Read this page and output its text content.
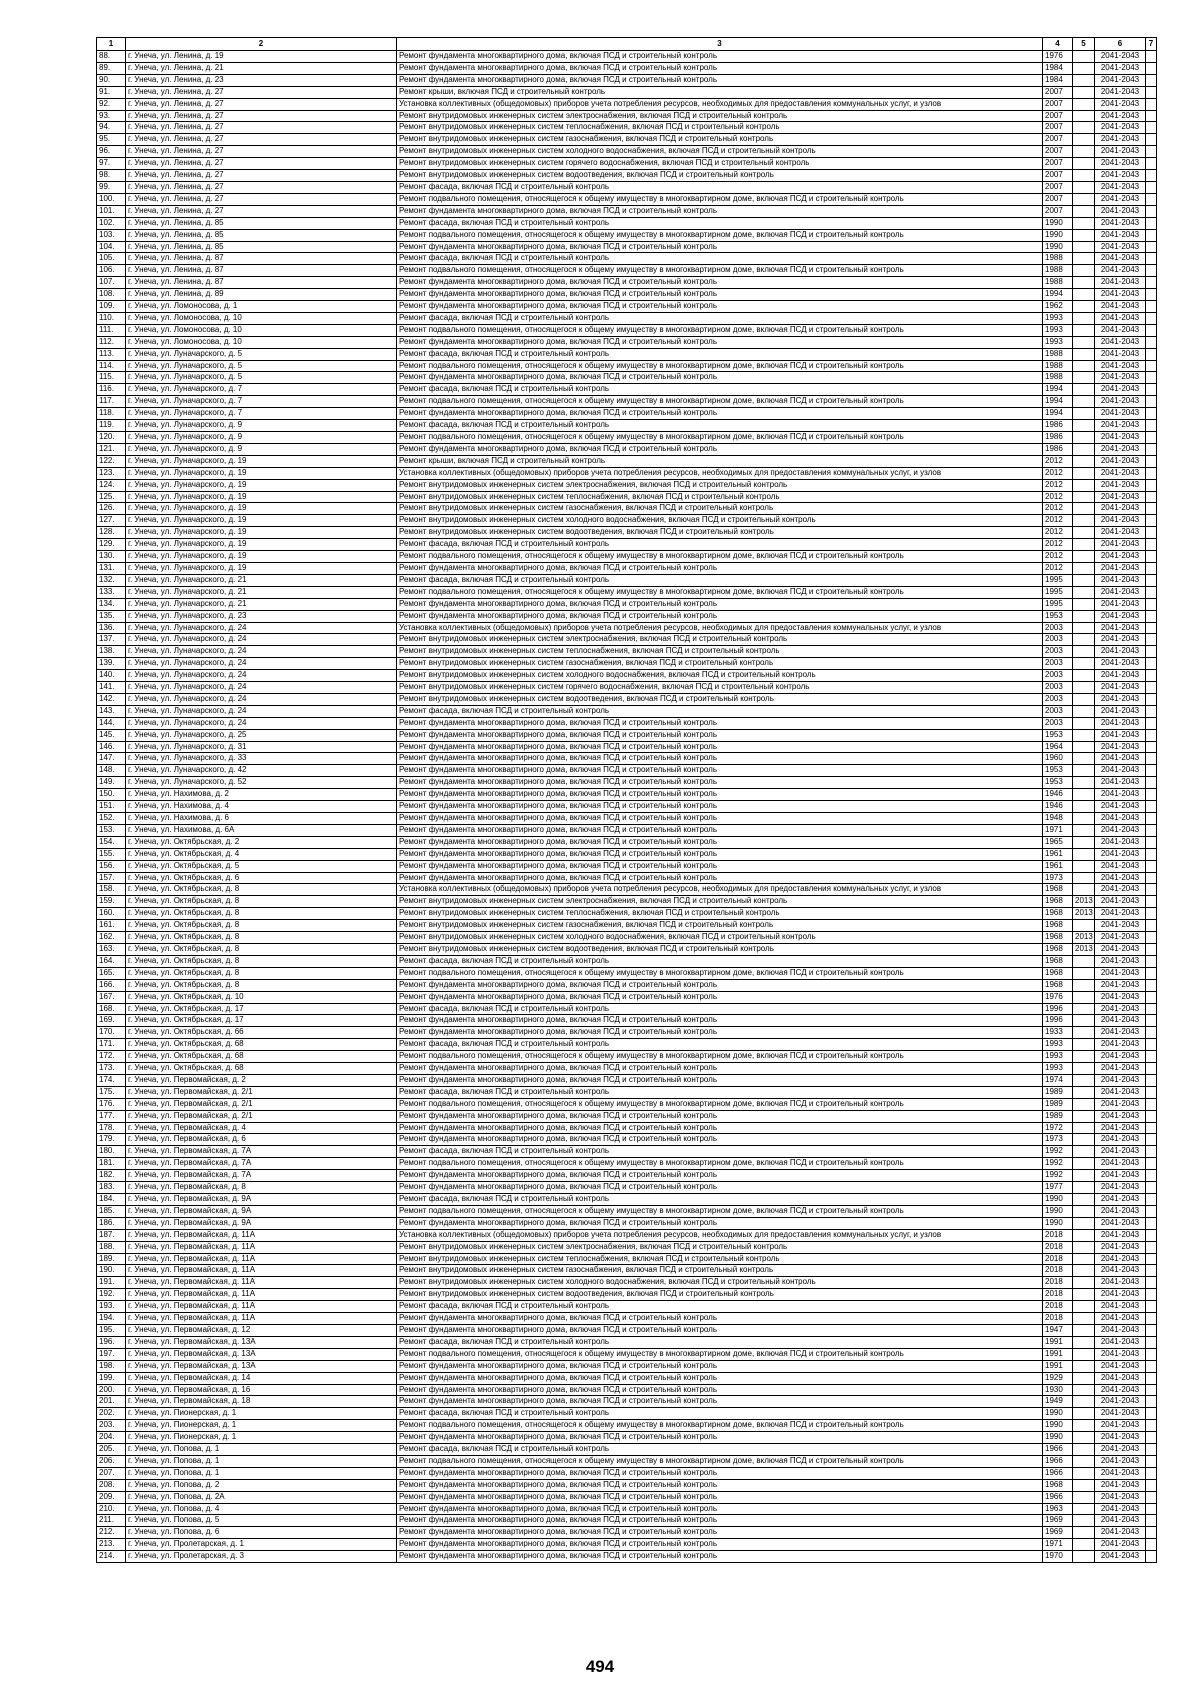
1	2	3	4	5	6	7
88.	г. Унеча, ул. Ленина, д. 19	Ремонт фундамента многоквартирного дома, включая ПСД и строительный контроль	1976		2041-2043	
89.	г. Унеча, ул. Ленина, д. 21	Ремонт фундамента многоквартирного дома, включая ПСД и строительный контроль	1984		2041-2043	
90.	г. Унеча, ул. Ленина, д. 23	Ремонт фундамента многоквартирного дома, включая ПСД и строительный контроль	1984		2041-2043	
91.	г. Унеча, ул. Ленина, д. 27	Ремонт крыши, включая ПСД и строительный контроль	2007		2041-2043	
92.	г. Унеча, ул. Ленина, д. 27	Установка коллективных (общедомовых) приборов учета потребления ресурсов, необходимых для предоставления коммунальных услуг, и узлов	2007		2041-2043	
93.	г. Унеча, ул. Ленина, д. 27	Ремонт внутридомовых инженерных систем электроснабжения, включая ПСД и строительный контроль	2007		2041-2043	
94.	г. Унеча, ул. Ленина, д. 27	Ремонт внутридомовых инженерных систем теплоснабжения, включая ПСД и строительный контроль	2007		2041-2043	
95.	г. Унеча, ул. Ленина, д. 27	Ремонт внутридомовых инженерных систем газоснабжения, включая ПСД и строительный контроль	2007		2041-2043	
96.	г. Унеча, ул. Ленина, д. 27	Ремонт внутридомовых инженерных систем холодного водоснабжения, включая ПСД и строительный контроль	2007		2041-2043	
97.	г. Унеча, ул. Ленина, д. 27	Ремонт внутридомовых инженерных систем горячего водоснабжения, включая ПСД и строительный контроль	2007		2041-2043	
98.	г. Унеча, ул. Ленина, д. 27	Ремонт внутридомовых инженерных систем водоотведения, включая ПСД и строительный контроль	2007		2041-2043	
99.	г. Унеча, ул. Ленина, д. 27	Ремонт фасада, включая ПСД и строительный контроль	2007		2041-2043	
100.	г. Унеча, ул. Ленина, д. 27	Ремонт подвального помещения, относящегося к общему имуществу в многоквартирном доме, включая ПСД и строительный контроль	2007		2041-2043	
101.	г. Унеча, ул. Ленина, д. 27	Ремонт фундамента многоквартирного дома, включая ПСД и строительный контроль	2007		2041-2043	
102.	г. Унеча, ул. Ленина, д. 85	Ремонт фасада, включая ПСД и строительный контроль	1990		2041-2043	
103.	г. Унеча, ул. Ленина, д. 85	Ремонт подвального помещения, относящегося к общему имуществу в многоквартирном доме, включая ПСД и строительный контроль	1990		2041-2043	
104.	г. Унеча, ул. Ленина, д. 85	Ремонт фундамента многоквартирного дома, включая ПСД и строительный контроль	1990		2041-2043	
105.	г. Унеча, ул. Ленина, д. 87	Ремонт фасада, включая ПСД и строительный контроль	1988		2041-2043	
106.	г. Унеча, ул. Ленина, д. 87	Ремонт подвального помещения, относящегося к общему имуществу в многоквартирном доме, включая ПСД и строительный контроль	1988		2041-2043	
107.	г. Унеча, ул. Ленина, д. 87	Ремонт фундамента многоквартирного дома, включая ПСД и строительный контроль	1988		2041-2043	
108.	г. Унеча, ул. Ленина, д. 89	Ремонт фундамента многоквартирного дома, включая ПСД и строительный контроль	1994		2041-2043	
109.	г. Унеча, ул. Ломоносова, д. 1	Ремонт фундамента многоквартирного дома, включая ПСД и строительный контроль	1962		2041-2043	
110.	г. Унеча, ул. Ломоносова, д. 10	Ремонт фасада, включая ПСД и строительный контроль	1993		2041-2043	
111.	г. Унеча, ул. Ломоносова, д. 10	Ремонт подвального помещения, относящегося к общему имуществу в многоквартирном доме, включая ПСД и строительный контроль	1993		2041-2043	
112.	г. Унеча, ул. Ломоносова, д. 10	Ремонт фундамента многоквартирного дома, включая ПСД и строительный контроль	1993		2041-2043	
113.	г. Унеча, ул. Луначарского, д. 5	Ремонт фасада, включая ПСД и строительный контроль	1988		2041-2043	
114.	г. Унеча, ул. Луначарского, д. 5	Ремонт подвального помещения, относящегося к общему имуществу в многоквартирном доме, включая ПСД и строительный контроль	1988		2041-2043	
115.	г. Унеча, ул. Луначарского, д. 5	Ремонт фундамента многоквартирного дома, включая ПСД и строительный контроль	1988		2041-2043	
116.	г. Унеча, ул. Луначарского, д. 7	Ремонт фасада, включая ПСД и строительный контроль	1994		2041-2043	
117.	г. Унеча, ул. Луначарского, д. 7	Ремонт подвального помещения, относящегося к общему имуществу в многоквартирном доме, включая ПСД и строительный контроль	1994		2041-2043	
118.	г. Унеча, ул. Луначарского, д. 7	Ремонт фундамента многоквартирного дома, включая ПСД и строительный контроль	1994		2041-2043	
119.	г. Унеча, ул. Луначарского, д. 9	Ремонт фасада, включая ПСД и строительный контроль	1986		2041-2043	
120.	г. Унеча, ул. Луначарского, д. 9	Ремонт подвального помещения, относящегося к общему имуществу в многоквартирном доме, включая ПСД и строительный контроль	1986		2041-2043	
121.	г. Унеча, ул. Луначарского, д. 9	Ремонт фундамента многоквартирного дома, включая ПСД и строительный контроль	1986		2041-2043	
122.	г. Унеча, ул. Луначарского, д. 19	Ремонт крыши, включая ПСД и строительный контроль	2012		2041-2043	
123.	г. Унеча, ул. Луначарского, д. 19	Установка коллективных (общедомовых) приборов учета потребления ресурсов, необходимых для предоставления коммунальных услуг, и узлов	2012		2041-2043	
124.	г. Унеча, ул. Луначарского, д. 19	Ремонт внутридомовых инженерных систем электроснабжения, включая ПСД и строительный контроль	2012		2041-2043	
125.	г. Унеча, ул. Луначарского, д. 19	Ремонт внутридомовых инженерных систем теплоснабжения, включая ПСД и строительный контроль	2012		2041-2043	
126.	г. Унеча, ул. Луначарского, д. 19	Ремонт внутридомовых инженерных систем газоснабжения, включая ПСД и строительный контроль	2012		2041-2043	
127.	г. Унеча, ул. Луначарского, д. 19	Ремонт внутридомовых инженерных систем холодного водоснабжения, включая ПСД и строительный контроль	2012		2041-2043	
128.	г. Унеча, ул. Луначарского, д. 19	Ремонт внутридомовых инженерных систем водоотведения, включая ПСД и строительный контроль	2012		2041-2043	
129.	г. Унеча, ул. Луначарского, д. 19	Ремонт фасада, включая ПСД и строительный контроль	2012		2041-2043	
130.	г. Унеча, ул. Луначарского, д. 19	Ремонт подвального помещения, относящегося к общему имуществу в многоквартирном доме, включая ПСД и строительный контроль	2012		2041-2043	
131.	г. Унеча, ул. Луначарского, д. 19	Ремонт фундамента многоквартирного дома, включая ПСД и строительный контроль	2012		2041-2043	
132.	г. Унеча, ул. Луначарского, д. 21	Ремонт фасада, включая ПСД и строительный контроль	1995		2041-2043	
133.	г. Унеча, ул. Луначарского, д. 21	Ремонт подвального помещения, относящегося к общему имуществу в многоквартирном доме, включая ПСД и строительный контроль	1995		2041-2043	
134.	г. Унеча, ул. Луначарского, д. 21	Ремонт фундамента многоквартирного дома, включая ПСД и строительный контроль	1995		2041-2043	
135.	г. Унеча, ул. Луначарского, д. 23	Ремонт фундамента многоквартирного дома, включая ПСД и строительный контроль	1953		2041-2043	
136.	г. Унеча, ул. Луначарского, д. 24	Установка коллективных (общедомовых) приборов учета потребления ресурсов, необходимых для предоставления коммунальных услуг, и узлов	2003		2041-2043	
137.	г. Унеча, ул. Луначарского, д. 24	Ремонт внутридомовых инженерных систем электроснабжения, включая ПСД и строительный контроль	2003		2041-2043	
138.	г. Унеча, ул. Луначарского, д. 24	Ремонт внутридомовых инженерных систем теплоснабжения, включая ПСД и строительный контроль	2003		2041-2043	
139.	г. Унеча, ул. Луначарского, д. 24	Ремонт внутридомовых инженерных систем газоснабжения, включая ПСД и строительный контроль	2003		2041-2043	
140.	г. Унеча, ул. Луначарского, д. 24	Ремонт внутридомовых инженерных систем холодного водоснабжения, включая ПСД и строительный контроль	2003		2041-2043	
141.	г. Унеча, ул. Луначарского, д. 24	Ремонт внутридомовых инженерных систем горячего водоснабжения, включая ПСД и строительный контроль	2003		2041-2043	
142.	г. Унеча, ул. Луначарского, д. 24	Ремонт внутридомовых инженерных систем водоотведения, включая ПСД и строительный контроль	2003		2041-2043	
143.	г. Унеча, ул. Луначарского, д. 24	Ремонт фасада, включая ПСД и строительный контроль	2003		2041-2043	
144.	г. Унеча, ул. Луначарского, д. 24	Ремонт фундамента многоквартирного дома, включая ПСД и строительный контроль	2003		2041-2043	
145.	г. Унеча, ул. Луначарского, д. 25	Ремонт фундамента многоквартирного дома, включая ПСД и строительный контроль	1953		2041-2043	
146.	г. Унеча, ул. Луначарского, д. 31	Ремонт фундамента многоквартирного дома, включая ПСД и строительный контроль	1964		2041-2043	
147.	г. Унеча, ул. Луначарского, д. 33	Ремонт фундамента многоквартирного дома, включая ПСД и строительный контроль	1960		2041-2043	
148.	г. Унеча, ул. Луначарского, д. 42	Ремонт фундамента многоквартирного дома, включая ПСД и строительный контроль	1953		2041-2043	
149.	г. Унеча, ул. Луначарского, д. 52	Ремонт фундамента многоквартирного дома, включая ПСД и строительный контроль	1953		2041-2043	
150.	г. Унеча, ул. Нахимова, д. 2	Ремонт фундамента многоквартирного дома, включая ПСД и строительный контроль	1946		2041-2043	
151.	г. Унеча, ул. Нахимова, д. 4	Ремонт фундамента многоквартирного дома, включая ПСД и строительный контроль	1946		2041-2043	
152.	г. Унеча, ул. Нахимова, д. 6	Ремонт фундамента многоквартирного дома, включая ПСД и строительный контроль	1948		2041-2043	
153.	г. Унеча, ул. Нахимова, д. 6А	Ремонт фундамента многоквартирного дома, включая ПСД и строительный контроль	1971		2041-2043	
154.	г. Унеча, ул. Октябрьская, д. 2	Ремонт фундамента многоквартирного дома, включая ПСД и строительный контроль	1965		2041-2043	
155.	г. Унеча, ул. Октябрьская, д. 4	Ремонт фундамента многоквартирного дома, включая ПСД и строительный контроль	1961		2041-2043	
156.	г. Унеча, ул. Октябрьская, д. 5	Ремонт фундамента многоквартирного дома, включая ПСД и строительный контроль	1961		2041-2043	
157.	г. Унеча, ул. Октябрьская, д. 6	Ремонт фундамента многоквартирного дома, включая ПСД и строительный контроль	1973		2041-2043	
158.	г. Унеча, ул. Октябрьская, д. 8	Установка коллективных (общедомовых) приборов учета потребления ресурсов, необходимых для предоставления коммунальных услуг, и узлов	1968		2041-2043	
159.	г. Унеча, ул. Октябрьская, д. 8	Ремонт внутридомовых инженерных систем электроснабжения, включая ПСД и строительный контроль	1968	2013	2041-2043	
160.	г. Унеча, ул. Октябрьская, д. 8	Ремонт внутридомовых инженерных систем теплоснабжения, включая ПСД и строительный контроль	1968	2013	2041-2043	
161.	г. Унеча, ул. Октябрьская, д. 8	Ремонт внутридомовых инженерных систем газоснабжения, включая ПСД и строительный контроль	1968		2041-2043	
162.	г. Унеча, ул. Октябрьская, д. 8	Ремонт внутридомовых инженерных систем холодного водоснабжения, включая ПСД и строительный контроль	1968	2013	2041-2043	
163.	г. Унеча, ул. Октябрьская, д. 8	Ремонт внутридомовых инженерных систем водоотведения, включая ПСД и строительный контроль	1968	2013	2041-2043	
164.	г. Унеча, ул. Октябрьская, д. 8	Ремонт фасада, включая ПСД и строительный контроль	1968		2041-2043	
165.	г. Унеча, ул. Октябрьская, д. 8	Ремонт подвального помещения, относящегося к общему имуществу в многоквартирном доме, включая ПСД и строительный контроль	1968		2041-2043	
166.	г. Унеча, ул. Октябрьская, д. 8	Ремонт фундамента многоквартирного дома, включая ПСД и строительный контроль	1968		2041-2043	
167.	г. Унеча, ул. Октябрьская, д. 10	Ремонт фундамента многоквартирного дома, включая ПСД и строительный контроль	1976		2041-2043	
168.	г. Унеча, ул. Октябрьская, д. 17	Ремонт фасада, включая ПСД и строительный контроль	1996		2041-2043	
169.	г. Унеча, ул. Октябрьская, д. 17	Ремонт фундамента многоквартирного дома, включая ПСД и строительный контроль	1996		2041-2043	
170.	г. Унеча, ул. Октябрьская, д. 66	Ремонт фундамента многоквартирного дома, включая ПСД и строительный контроль	1933		2041-2043	
171.	г. Унеча, ул. Октябрьская, д. 68	Ремонт фасада, включая ПСД и строительный контроль	1993		2041-2043	
172.	г. Унеча, ул. Октябрьская, д. 68	Ремонт подвального помещения, относящегося к общему имуществу в многоквартирном доме, включая ПСД и строительный контроль	1993		2041-2043	
173.	г. Унеча, ул. Октябрьская, д. 68	Ремонт фундамента многоквартирного дома, включая ПСД и строительный контроль	1993		2041-2043	
174.	г. Унеча, ул. Первомайская, д. 2	Ремонт фундамента многоквартирного дома, включая ПСД и строительный контроль	1974		2041-2043	
175.	г. Унеча, ул. Первомайская, д. 2/1	Ремонт фасада, включая ПСД и строительный контроль	1989		2041-2043	
176.	г. Унеча, ул. Первомайская, д. 2/1	Ремонт подвального помещения, относящегося к общему имуществу в многоквартирном доме, включая ПСД и строительный контроль	1989		2041-2043	
177.	г. Унеча, ул. Первомайская, д. 2/1	Ремонт фундамента многоквартирного дома, включая ПСД и строительный контроль	1989		2041-2043	
178.	г. Унеча, ул. Первомайская, д. 4	Ремонт фундамента многоквартирного дома, включая ПСД и строительный контроль	1972		2041-2043	
179.	г. Унеча, ул. Первомайская, д. 6	Ремонт фундамента многоквартирного дома, включая ПСД и строительный контроль	1973		2041-2043	
180.	г. Унеча, ул. Первомайская, д. 7А	Ремонт фасада, включая ПСД и строительный контроль	1992		2041-2043	
181.	г. Унеча, ул. Первомайская, д. 7А	Ремонт подвального помещения, относящегося к общему имуществу в многоквартирном доме, включая ПСД и строительный контроль	1992		2041-2043	
182.	г. Унеча, ул. Первомайская, д. 7А	Ремонт фундамента многоквартирного дома, включая ПСД и строительный контроль	1992		2041-2043	
183.	г. Унеча, ул. Первомайская, д. 8	Ремонт фундамента многоквартирного дома, включая ПСД и строительный контроль	1977		2041-2043	
184.	г. Унеча, ул. Первомайская, д. 9А	Ремонт фасада, включая ПСД и строительный контроль	1990		2041-2043	
185.	г. Унеча, ул. Первомайская, д. 9А	Ремонт подвального помещения, относящегося к общему имуществу в многоквартирном доме, включая ПСД и строительный контроль	1990		2041-2043	
186.	г. Унеча, ул. Первомайская, д. 9А	Ремонт фундамента многоквартирного дома, включая ПСД и строительный контроль	1990		2041-2043	
187.	г. Унеча, ул. Первомайская, д. 11А	Установка коллективных (общедомовых) приборов учета потребления ресурсов, необходимых для предоставления коммунальных услуг, и узлов	2018		2041-2043	
188.	г. Унеча, ул. Первомайская, д. 11А	Ремонт внутридомовых инженерных систем электроснабжения, включая ПСД и строительный контроль	2018		2041-2043	
189.	г. Унеча, ул. Первомайская, д. 11А	Ремонт внутридомовых инженерных систем теплоснабжения, включая ПСД и строительный контроль	2018		2041-2043	
190.	г. Унеча, ул. Первомайская, д. 11А	Ремонт внутридомовых инженерных систем газоснабжения, включая ПСД и строительный контроль	2018		2041-2043	
191.	г. Унеча, ул. Первомайская, д. 11А	Ремонт внутридомовых инженерных систем холодного водоснабжения, включая ПСД и строительный контроль	2018		2041-2043	
192.	г. Унеча, ул. Первомайская, д. 11А	Ремонт внутридомовых инженерных систем водоотведения, включая ПСД и строительный контроль	2018		2041-2043	
193.	г. Унеча, ул. Первомайская, д. 11А	Ремонт фасада, включая ПСД и строительный контроль	2018		2041-2043	
194.	г. Унеча, ул. Первомайская, д. 11А	Ремонт фундамента многоквартирного дома, включая ПСД и строительный контроль	2018		2041-2043	
195.	г. Унеча, ул. Первомайская, д. 12	Ремонт фундамента многоквартирного дома, включая ПСД и строительный контроль	1947		2041-2043	
196.	г. Унеча, ул. Первомайская, д. 13А	Ремонт фасада, включая ПСД и строительный контроль	1991		2041-2043	
197.	г. Унеча, ул. Первомайская, д. 13А	Ремонт подвального помещения, относящегося к общему имуществу в многоквартирном доме, включая ПСД и строительный контроль	1991		2041-2043	
198.	г. Унеча, ул. Первомайская, д. 13А	Ремонт фундамента многоквартирного дома, включая ПСД и строительный контроль	1991		2041-2043	
199.	г. Унеча, ул. Первомайская, д. 14	Ремонт фундамента многоквартирного дома, включая ПСД и строительный контроль	1929		2041-2043	
200.	г. Унеча, ул. Первомайская, д. 16	Ремонт фундамента многоквартирного дома, включая ПСД и строительный контроль	1930		2041-2043	
201.	г. Унеча, ул. Первомайская, д. 18	Ремонт фундамента многоквартирного дома, включая ПСД и строительный контроль	1949		2041-2043	
202.	г. Унеча, ул. Пионерская, д. 1	Ремонт фасада, включая ПСД и строительный контроль	1990		2041-2043	
203.	г. Унеча, ул. Пионерская, д. 1	Ремонт подвального помещения, относящегося к общему имуществу в многоквартирном доме, включая ПСД и строительный контроль	1990		2041-2043	
204.	г. Унеча, ул. Пионерская, д. 1	Ремонт фундамента многоквартирного дома, включая ПСД и строительный контроль	1990		2041-2043	
205.	г. Унеча, ул. Попова, д. 1	Ремонт фасада, включая ПСД и строительный контроль	1966		2041-2043	
206.	г. Унеча, ул. Попова, д. 1	Ремонт подвального помещения, относящегося к общему имуществу в многоквартирном доме, включая ПСД и строительный контроль	1966		2041-2043	
207.	г. Унеча, ул. Попова, д. 1	Ремонт фундамента многоквартирного дома, включая ПСД и строительный контроль	1966		2041-2043	
208.	г. Унеча, ул. Попова, д. 2	Ремонт фундамента многоквартирного дома, включая ПСД и строительный контроль	1968		2041-2043	
209.	г. Унеча, ул. Попова, д. 2А	Ремонт фундамента многоквартирного дома, включая ПСД и строительный контроль	1966		2041-2043	
210.	г. Унеча, ул. Попова, д. 4	Ремонт фундамента многоквартирного дома, включая ПСД и строительный контроль	1963		2041-2043	
211.	г. Унеча, ул. Попова, д. 5	Ремонт фундамента многоквартирного дома, включая ПСД и строительный контроль	1969		2041-2043	
212.	г. Унеча, ул. Попова, д. 6	Ремонт фундамента многоквартирного дома, включая ПСД и строительный контроль	1969		2041-2043	
213.	г. Унеча, ул. Пролетарская, д. 1	Ремонт фундамента многоквартирного дома, включая ПСД и строительный контроль	1971		2041-2043	
214.	г. Унеча, ул. Пролетарская, д. 3	Ремонт фундамента многоквартирного дома, включая ПСД и строительный контроль	1970		2041-2043	
494
